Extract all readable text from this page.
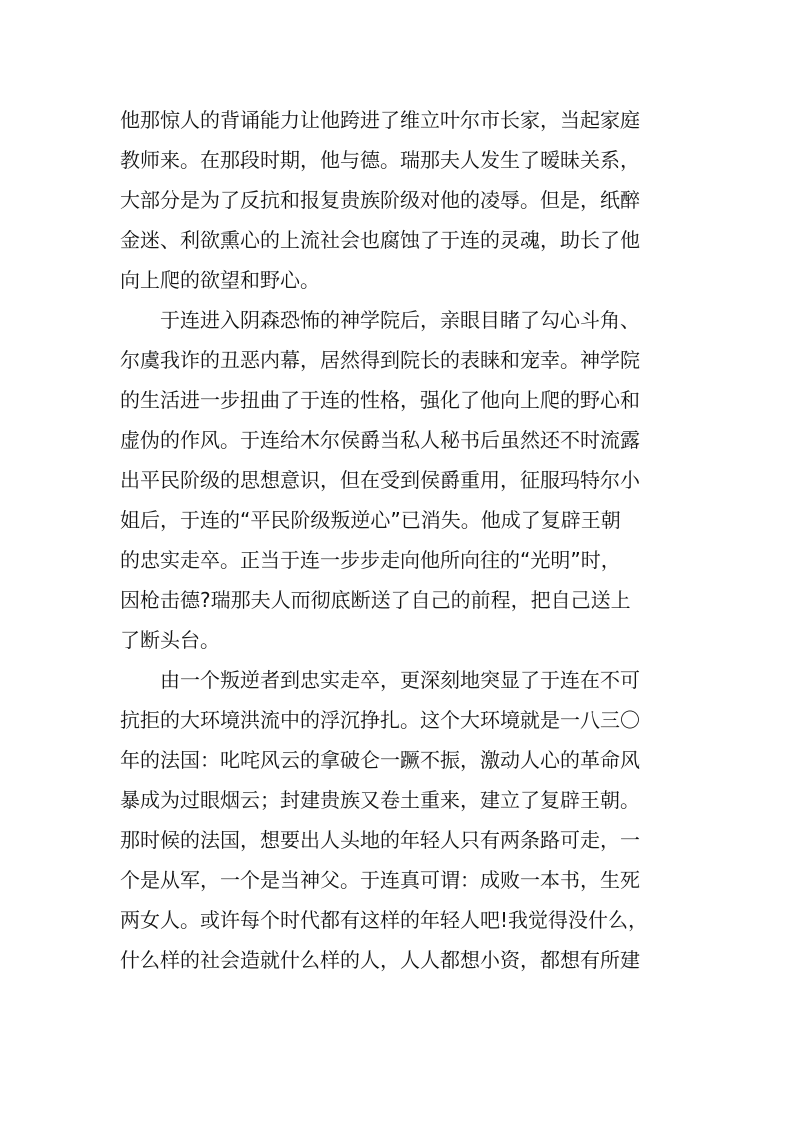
他那惊人的背诵能力让他跨进了维立叶尔市长家，当起家庭
教师来。在那段时期，他与德。瑞那夫人发生了暧昧关系，
大部分是为了反抗和报复贵族阶级对他的凌辱。但是，纸醉
金迷、利欲熏心的上流社会也腐蚀了于连的灵魂，助长了他
向上爬的欲望和野心。
于连进入阴森恐怖的神学院后，亲眼目睹了勾心斗角、
尔虞我诈的丑恶内幕，居然得到院长的表睐和宠幸。神学院
的生活进一步扭曲了于连的性格，强化了他向上爬的野心和
虚伪的作风。于连给木尔侯爵当私人秘书后虽然还不时流露
出平民阶级的思想意识，但在受到侯爵重用，征服玛特尔小
姐后，于连的“平民阶级叛逆心”已消失。他成了复辟王朝
的忠实走卒。正当于连一步步走向他所向往的“光明”时，
因枪击德?瑞那夫人而彻底断送了自己的前程，把自己送上
了断头台。
由一个叛逆者到忠实走卒，更深刻地突显了于连在不可
抗拒的大环境洪流中的浮沉挣扎。这个大环境就是一八三〇
年的法国：叱咤风云的拿破仑一蹶不振，激动人心的革命风
暴成为过眼烟云；封建贵族又卷土重来，建立了复辟王朝。
那时候的法国，想要出人头地的年轻人只有两条路可走，一
个是从军，一个是当神父。于连真可谓：成败一本书，生死
两女人。或许每个时代都有这样的年轻人吧!我觉得没什么，
什么样的社会造就什么样的人，人人都想小资，都想有所建
